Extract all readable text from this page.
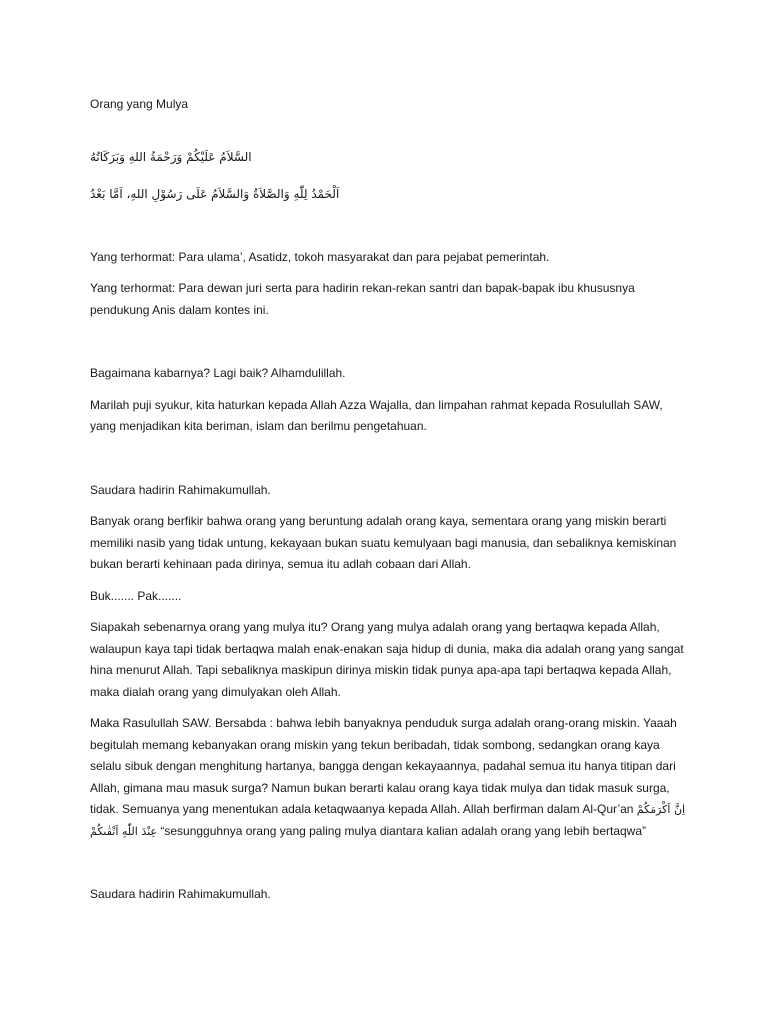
Orang yang Mulya

السَّلاَمُ عَلَيْكُمْ وَرَحْمَةُ اللهِ وَبَرَكَاتُهُ

اَلْحَمْدُ لِلّٰهِ وَالصَّلاَةُ وَالسَّلاَمُ عَلَى رَسُوْلِ اللهِ، اَمَّا بَعْدُ

Yang terhormat: Para ulama’, Asatidz, tokoh masyarakat dan para pejabat pemerintah.

Yang terhormat: Para dewan juri serta para hadirin rekan-rekan santri dan bapak-bapak ibu khususnya pendukung Anis dalam kontes ini.

Bagaimana kabarnya? Lagi baik? Alhamdulillah.

Marilah puji syukur, kita haturkan kepada Allah Azza Wajalla, dan limpahan rahmat kepada Rosulullah SAW, yang menjadikan kita beriman, islam dan berilmu pengetahuan.

Saudara hadirin Rahimakumullah.

Banyak orang berfikir bahwa orang yang beruntung adalah orang kaya, sementara orang yang miskin berarti memiliki nasib yang tidak untung, kekayaan bukan suatu kemulyaan bagi manusia, dan sebaliknya kemiskinan bukan berarti kehinaan pada dirinya, semua itu adlah cobaan dari Allah.

Buk....... Pak.......

Siapakah sebenarnya orang yang mulya itu? Orang yang mulya adalah orang yang bertaqwa kepada Allah, walaupun kaya tapi tidak bertaqwa malah enak-enakan saja hidup di dunia, maka dia adalah orang yang sangat hina menurut Allah. Tapi sebaliknya maskipun dirinya miskin tidak punya apa-apa tapi bertaqwa kepada Allah, maka dialah orang yang dimulyakan oleh Allah.

Maka Rasulullah SAW. Bersabda : bahwa lebih banyaknya penduduk surga adalah orang-orang miskin. Yaaah begitulah memang kebanyakan orang miskin yang tekun beribadah, tidak sombong, sedangkan orang kaya selalu sibuk dengan menghitung hartanya, bangga dengan kekayaannya, padahal semua itu hanya titipan dari Allah, gimana mau masuk surga? Namun bukan berarti kalau orang kaya tidak mulya dan tidak masuk surga, tidak. Semuanya yang menentukan adala ketaqwaanya kepada Allah. Allah berfirman dalam Al-Qur’an اِنَّ اَكْرَمَكُمْ عِنْدَ اللّٰهِ اَتْقٰىكُمْ “sesungguhnya orang yang paling mulya diantara kalian adalah orang yang lebih bertaqwa”

Saudara hadirin Rahimakumullah.
